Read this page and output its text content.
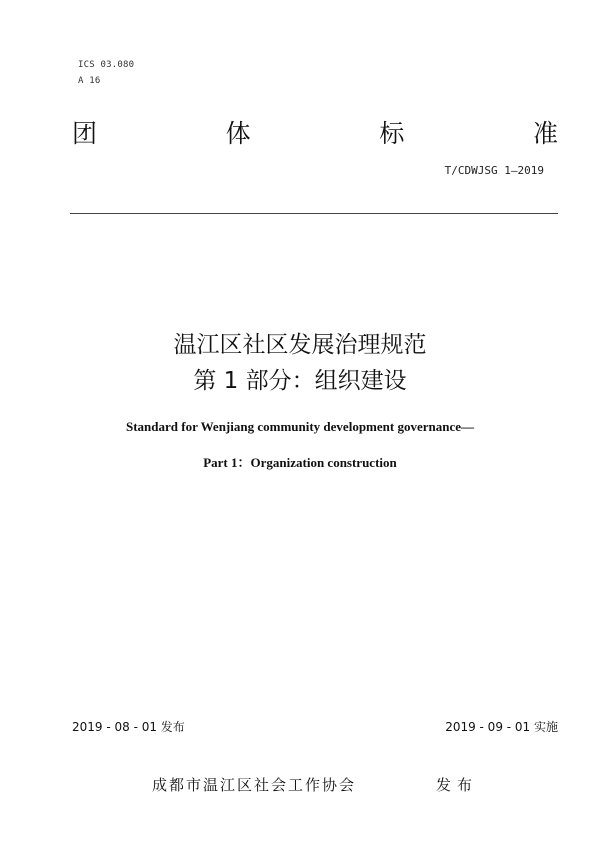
ICS 03.080
A 16
团	体	标	准
T/CDWJSG 1—2019
温江区社区发展治理规范
第 1 部分：组织建设
Standard for Wenjiang community development governance—
Part 1：Organization construction
2019 - 08 - 01 发布	2019 - 09 - 01 实施
成都市温江区社会工作协会	发布
